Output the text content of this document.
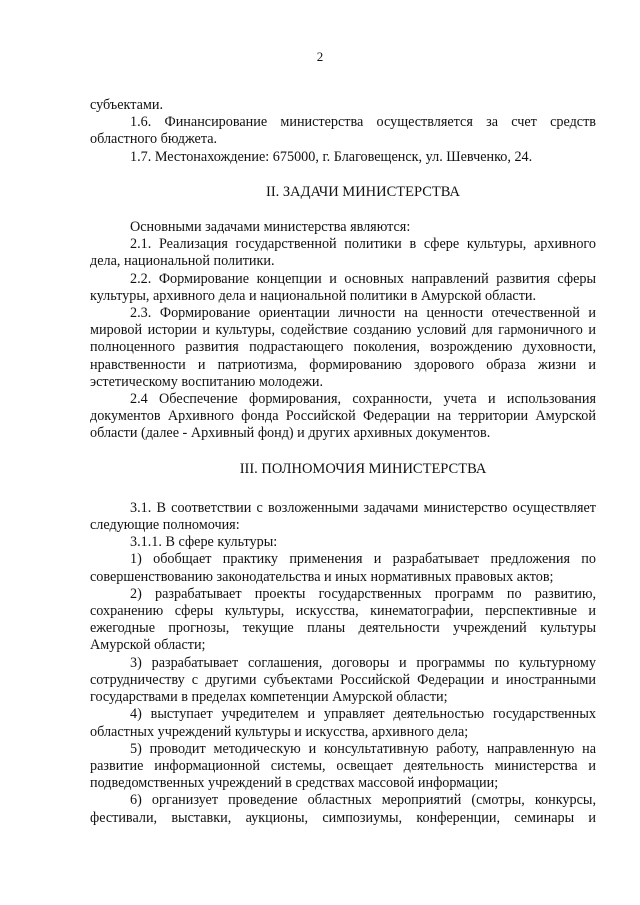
2

субъектами.

1.6. Финансирование министерства осуществляется за счет средств областного бюджета.

1.7. Местонахождение: 675000, г. Благовещенск, ул. Шевченко, 24.

II. ЗАДАЧИ МИНИСТЕРСТВА

Основными задачами министерства являются:

2.1. Реализация государственной политики в сфере культуры, архивного дела, национальной политики.

2.2. Формирование концепции и основных направлений развития сферы культуры, архивного дела и национальной политики в Амурской области.

2.3. Формирование ориентации личности на ценности отечественной и мировой истории и культуры, содействие созданию условий для гармоничного и полноценного развития подрастающего поколения, возрождению духовности, нравственности и патриотизма, формированию здорового образа жизни и эстетическому воспитанию молодежи.

2.4 Обеспечение формирования, сохранности, учета и использования документов Архивного фонда Российской Федерации на территории Амурской области (далее - Архивный фонд) и других архивных документов.

III. ПОЛНОМОЧИЯ МИНИСТЕРСТВА

3.1. В соответствии с возложенными задачами министерство осуществляет следующие полномочия:

3.1.1. В сфере культуры:

1) обобщает практику применения и разрабатывает предложения по совершенствованию законодательства и иных нормативных правовых актов;

2) разрабатывает проекты государственных программ по развитию, сохранению сферы культуры, искусства, кинематографии, перспективные и ежегодные прогнозы, текущие планы деятельности учреждений культуры Амурской области;

3) разрабатывает соглашения, договоры и программы по культурному сотрудничеству с другими субъектами Российской Федерации и иностранными государствами в пределах компетенции Амурской области;

4) выступает учредителем и управляет деятельностью государственных областных учреждений культуры и искусства, архивного дела;

5) проводит методическую и консультативную работу, направленную на развитие информационной системы, освещает деятельность министерства и подведомственных учреждений в средствах массовой информации;

6) организует проведение областных мероприятий (смотры, конкурсы, фестивали, выставки, аукционы, симпозиумы, конференции, семинары и
